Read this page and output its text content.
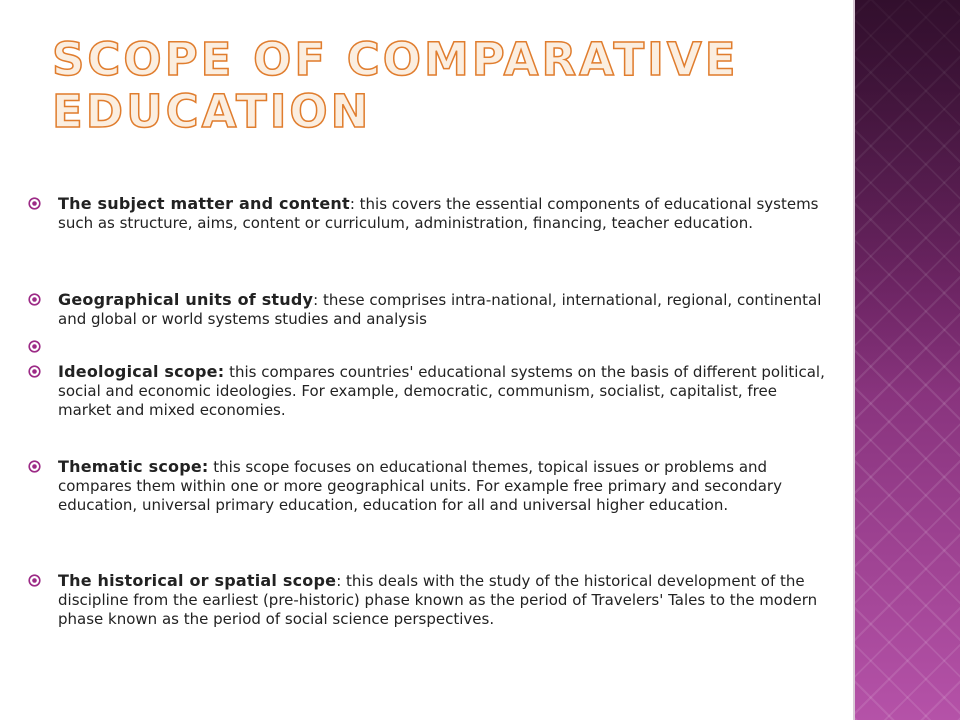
SCOPE OF COMPARATIVE EDUCATION

The subject matter and content: this covers the essential components of educational systems such as structure, aims, content or curriculum, administration, financing, teacher education.

Geographical units of study: these comprises intra-national, international, regional, continental and global or world systems studies and analysis

Ideological scope: this compares countries' educational systems on the basis of different political, social and economic ideologies. For example, democratic, communism, socialist, capitalist, free market and mixed economies.

Thematic scope: this scope focuses on educational themes, topical issues or problems and compares them within one or more geographical units. For example free primary and secondary education, universal primary education, education for all and universal higher education.

The historical or spatial scope: this deals with the study of the historical development of the discipline from the earliest (pre-historic) phase known as the period of Travelers' Tales to the modern phase known as the period of social science perspectives.
